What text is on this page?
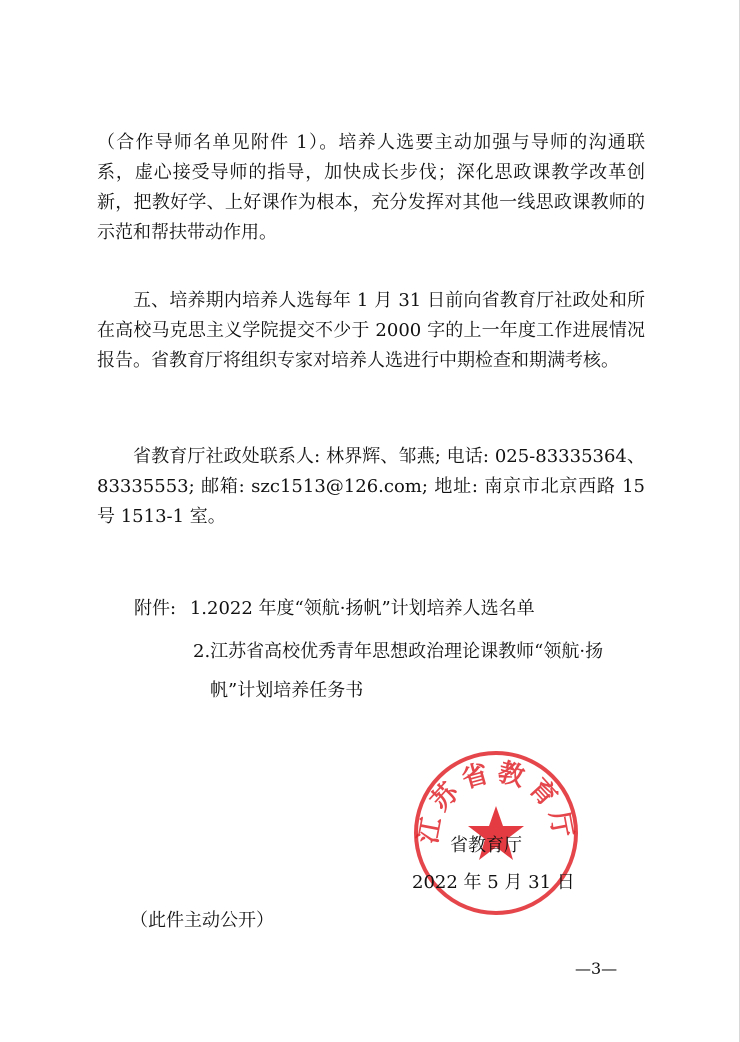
（合作导师名单见附件 1）。培养人选要主动加强与导师的沟通联系，虚心接受导师的指导，加快成长步伐；深化思政课教学改革创新，把教好学、上好课作为根本，充分发挥对其他一线思政课教师的示范和帮扶带动作用。
五、培养期内培养人选每年 1 月 31 日前向省教育厅社政处和所在高校马克思主义学院提交不少于 2000 字的上一年度工作进展情况报告。省教育厅将组织专家对培养人选进行中期检查和期满考核。
省教育厅社政处联系人: 林界辉、邹燕; 电话: 025-83335364、83335553; 邮箱: szc1513@126.com; 地址: 南京市北京西路 15 号 1513-1 室。
附件: 1.2022 年度“领航·扬帆”计划培养人选名单
2.江苏省高校优秀青年思想政治理论课教师“领航·扬
帆”计划培养任务书
江苏省教育厅
省教育厅
2022 年 5 月 31 日
（此件主动公开）
—3—
